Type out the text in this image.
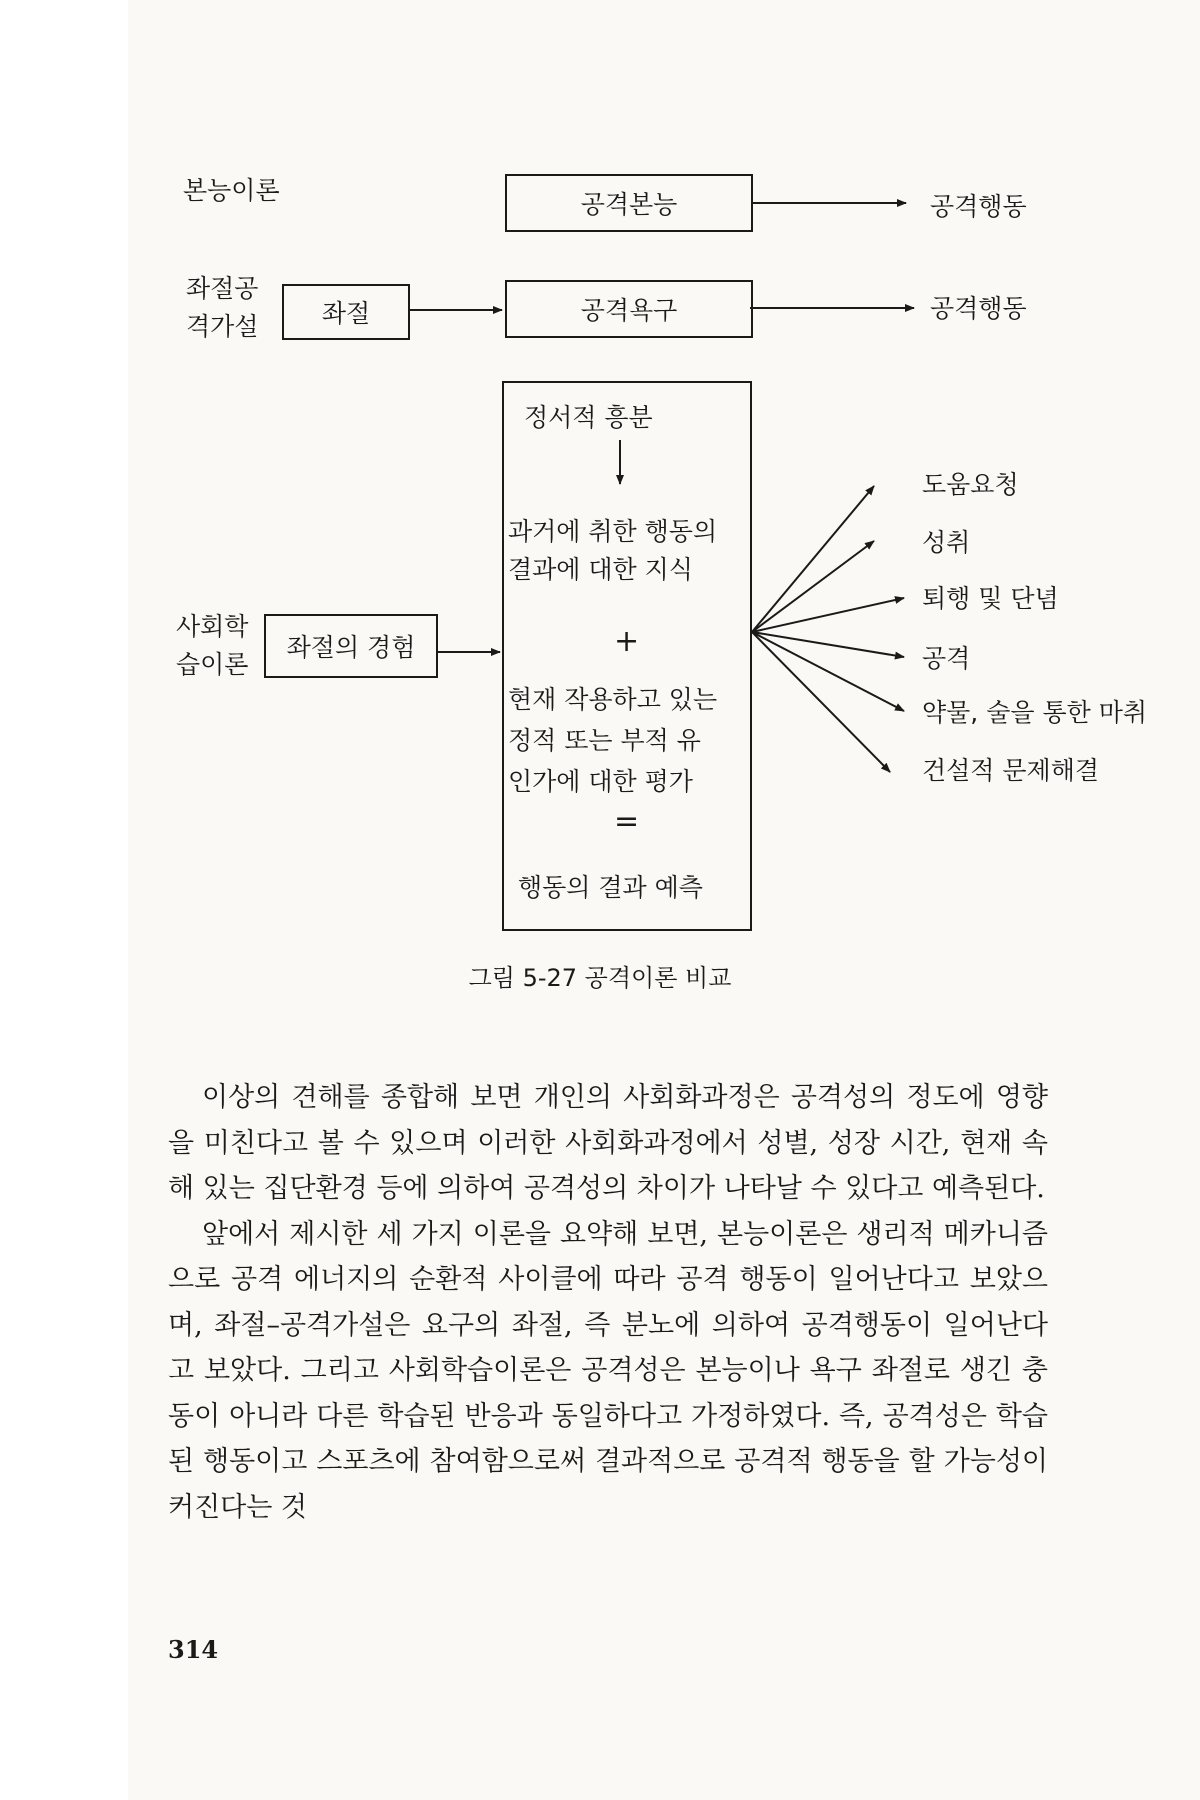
본능이론	공격본능	공격행동
좌절공
격가설	좌절	공격욕구	공격행동
사회학
습이론
좌절의 경험
정서적 흥분
과거에 취한 행동의
결과에 대한 지식
+
현재 작용하고 있는
정적 또는 부적 유
인가에 대한 평가
=
행동의 결과 예측
도움요청
성취
퇴행 및 단념
공격
약물, 술을 통한 마취
건설적 문제해결
그림 5-27 공격이론 비교

이상의 견해를 종합해 보면 개인의 사회화과정은 공격성의 정도에 영향을 미친다고 볼 수 있으며 이러한 사회화과정에서 성별, 성장 시간, 현재 속해 있는 집단환경 등에 의하여 공격성의 차이가 나타날 수 있다고 예측된다.

앞에서 제시한 세 가지 이론을 요약해 보면, 본능이론은 생리적 메카니즘으로 공격 에너지의 순환적 사이클에 따라 공격 행동이 일어난다고 보았으며, 좌절–공격가설은 요구의 좌절, 즉 분노에 의하여 공격행동이 일어난다고 보았다. 그리고 사회학습이론은 공격성은 본능이나 욕구 좌절로 생긴 충동이 아니라 다른 학습된 반응과 동일하다고 가정하였다. 즉, 공격성은 학습된 행동이고 스포츠에 참여함으로써 결과적으로 공격적 행동을 할 가능성이 커진다는 것

314
